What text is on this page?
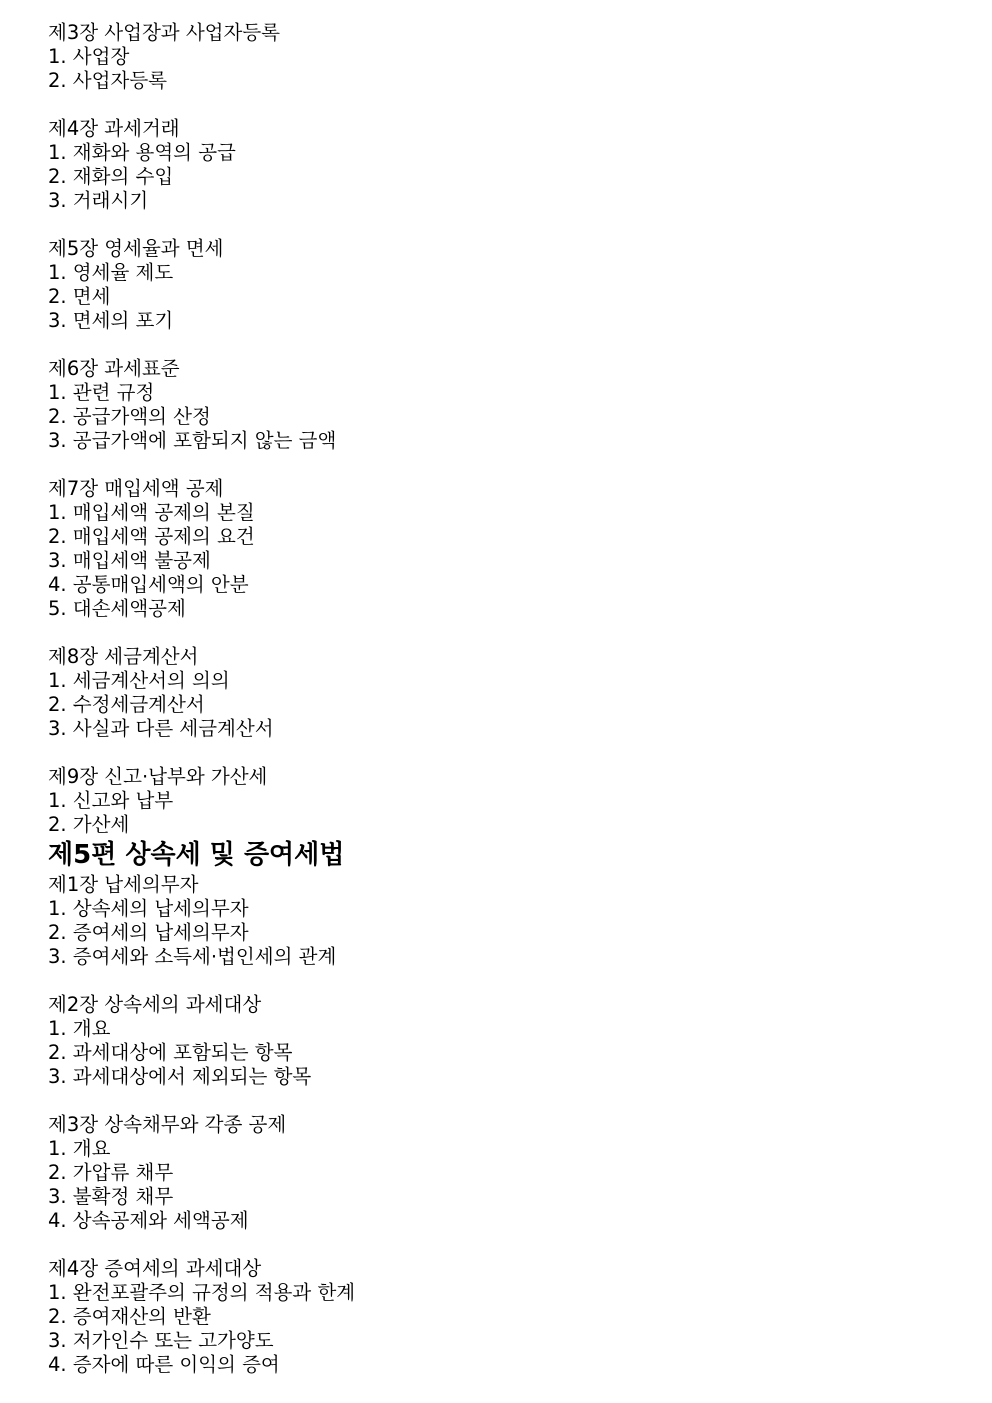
제3장 사업장과 사업자등록
1. 사업장
2. 사업자등록
제4장 과세거래
1. 재화와 용역의 공급
2. 재화의 수입
3. 거래시기
제5장 영세율과 면세
1. 영세율 제도
2. 면세
3. 면세의 포기
제6장 과세표준
1. 관련 규정
2. 공급가액의 산정
3. 공급가액에 포함되지 않는 금액
제7장 매입세액 공제
1. 매입세액 공제의 본질
2. 매입세액 공제의 요건
3. 매입세액 불공제
4. 공통매입세액의 안분
5. 대손세액공제
제8장 세금계산서
1. 세금계산서의 의의
2. 수정세금계산서
3. 사실과 다른 세금계산서
제9장 신고·납부와 가산세
1. 신고와 납부
2. 가산세
제5편 상속세 및 증여세법
제1장 납세의무자
1. 상속세의 납세의무자
2. 증여세의 납세의무자
3. 증여세와 소득세·법인세의 관계
제2장 상속세의 과세대상
1. 개요
2. 과세대상에 포함되는 항목
3. 과세대상에서 제외되는 항목
제3장 상속채무와 각종 공제
1. 개요
2. 가압류 채무
3. 불확정 채무
4. 상속공제와 세액공제
제4장 증여세의 과세대상
1. 완전포괄주의 규정의 적용과 한계
2. 증여재산의 반환
3. 저가인수 또는 고가양도
4. 증자에 따른 이익의 증여
